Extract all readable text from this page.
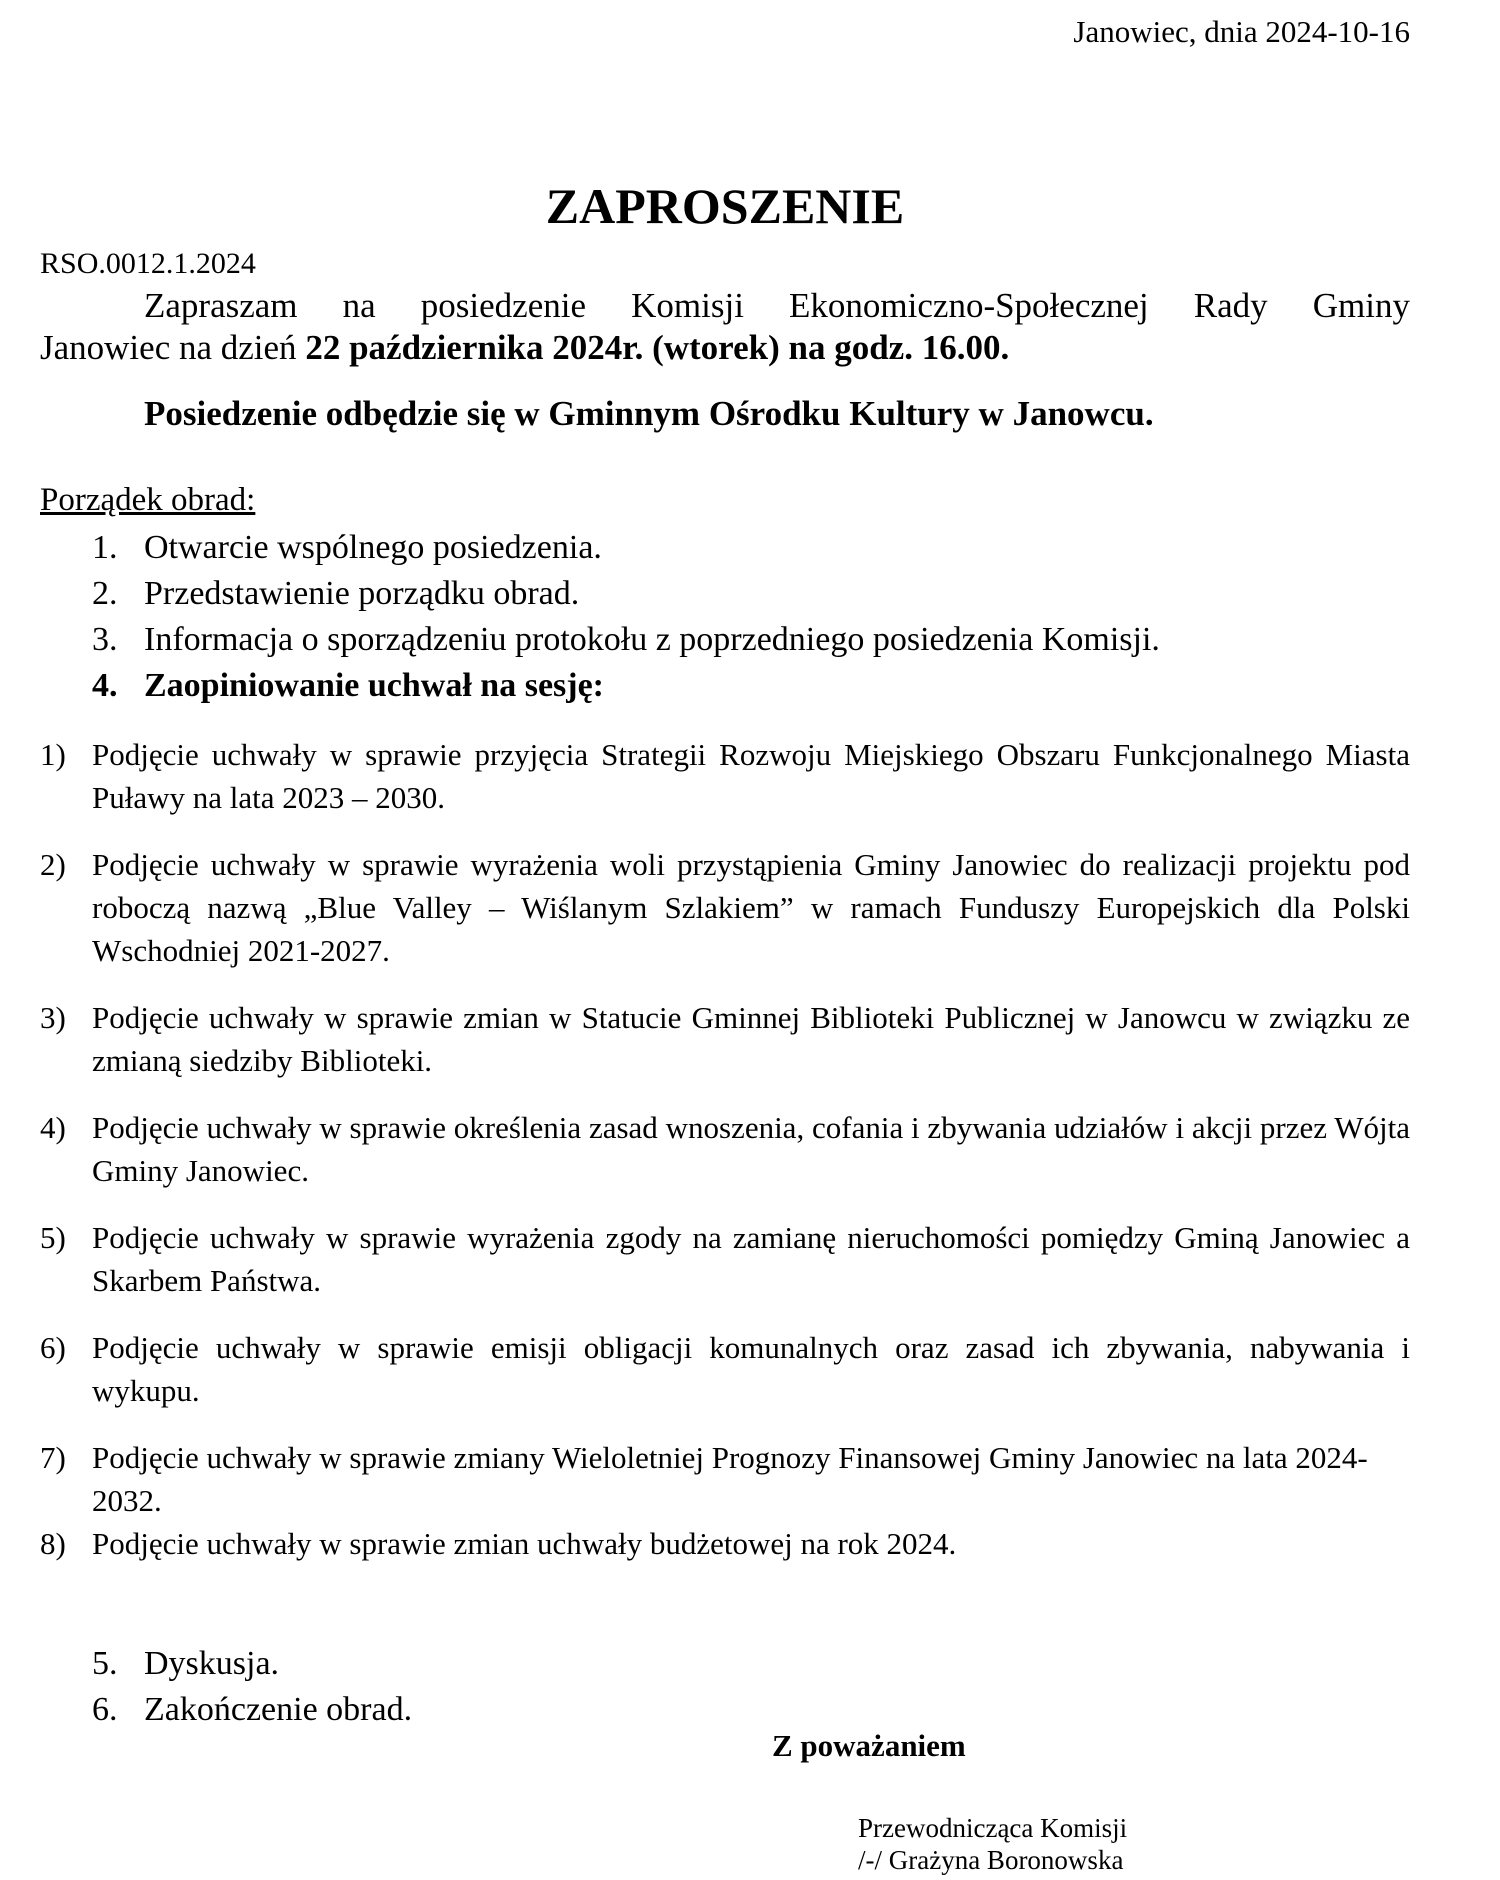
Janowiec, dnia 2024-10-16
ZAPROSZENIE
RSO.0012.1.2024
Zapraszam na posiedzenie Komisji Ekonomiczno-Społecznej Rady Gminy
Janowiec na dzień 22 października 2024r. (wtorek) na godz. 16.00.
Posiedzenie odbędzie się w Gminnym Ośrodku Kultury w Janowcu.
Porządek obrad:
1. Otwarcie wspólnego posiedzenia.
2. Przedstawienie porządku obrad.
3. Informacja o sporządzeniu protokołu z poprzedniego posiedzenia Komisji.
4. Zaopiniowanie uchwał na sesję:
1) Podjęcie uchwały w sprawie przyjęcia Strategii Rozwoju Miejskiego Obszaru Funkcjonalnego Miasta Puławy na lata 2023 – 2030.
2) Podjęcie uchwały w sprawie wyrażenia woli przystąpienia Gminy Janowiec do realizacji projektu pod roboczą nazwą „Blue Valley – Wiślanym Szlakiem” w ramach Funduszy Europejskich dla Polski Wschodniej 2021-2027.
3) Podjęcie uchwały w sprawie zmian w Statucie Gminnej Biblioteki Publicznej w Janowcu w związku ze zmianą siedziby Biblioteki.
4) Podjęcie uchwały w sprawie określenia zasad wnoszenia, cofania i zbywania udziałów i akcji przez Wójta Gminy Janowiec.
5) Podjęcie uchwały w sprawie wyrażenia zgody na zamianę nieruchomości pomiędzy Gminą Janowiec a Skarbem Państwa.
6) Podjęcie uchwały w sprawie emisji obligacji komunalnych oraz zasad ich zbywania, nabywania i wykupu.
7) Podjęcie uchwały w sprawie zmiany Wieloletniej Prognozy Finansowej Gminy Janowiec na lata 2024-2032.
8) Podjęcie uchwały w sprawie zmian uchwały budżetowej na rok 2024.
5. Dyskusja.
6. Zakończenie obrad.
Z poważaniem
Przewodnicząca Komisji
/-/ Grażyna Boronowska
